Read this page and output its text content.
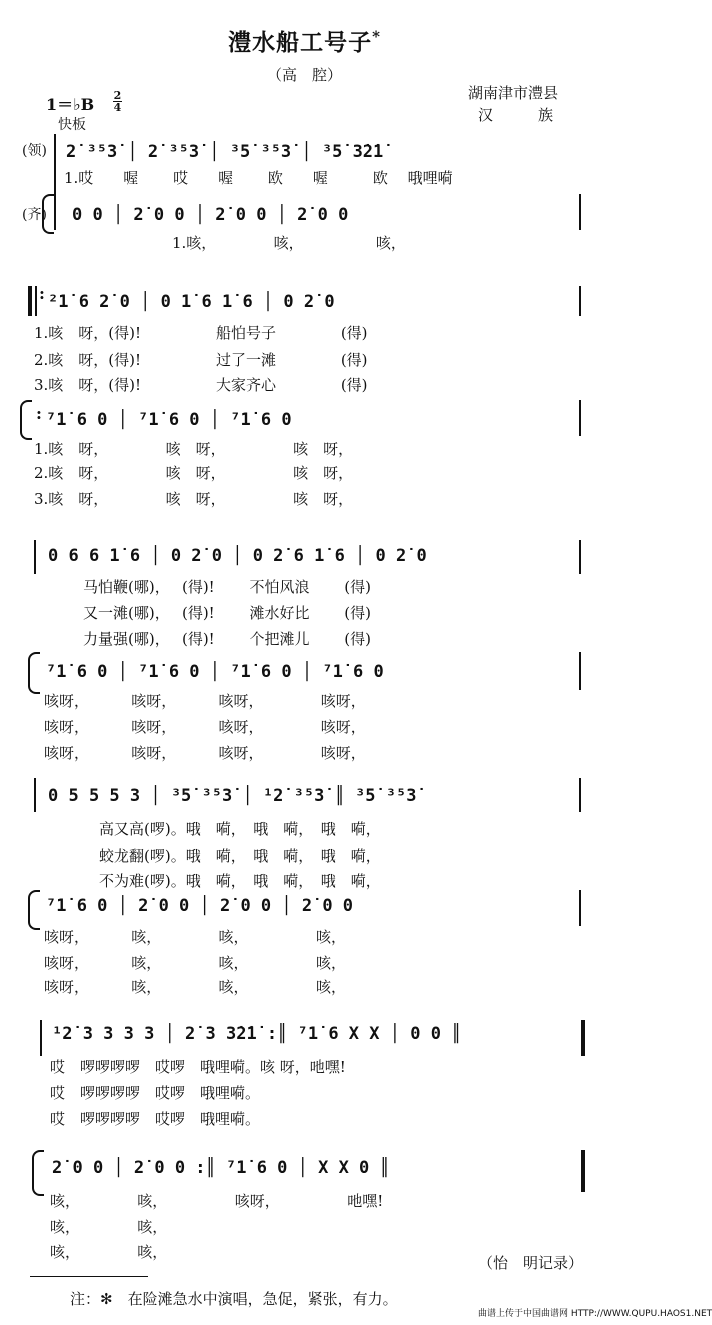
澧水船工号子*
（高　腔）
湖南津市澧县
汉　　　族
1＝♭B 2
4
快板
(领)
(齐)
2̇ ³⁵3̇ │ 2̇ ³⁵3̇ │ ³5̇ ³⁵3̇ │ ³5̇ 3̇2̇1̇
1.哎　　喔　　 哎　　喔　　 欧　　喔　　　欧　 哦哩嗬
0 0 │ 2̇ 0 0 │ 2̇ 0 0 │ 2̇ 0 0
1.咳，　　　　 咳，　　　　　 咳，
: ²1̇ 6 2̇ 0 │ 0 1̇ 6 1̇ 6 │ 0 2̇ 0
1.咳　呀，(得)!　　　　　船怕号子　　　　 (得)
2.咳　呀，(得)!　　　　　过了一滩　　　　 (得)
3.咳　呀，(得)!　　　　　大家齐心　　　　 (得)
: ⁷1̇ 6 0 │ ⁷1̇ 6 0 │ ⁷1̇ 6 0
1.咳　呀，　　　　 咳　呀，　　　　　咳　呀，
2.咳　呀，　　　　 咳　呀，　　　　　咳　呀，
3.咳　呀，　　　　 咳　呀，　　　　　咳　呀，
0 6 6 1̇ 6 │ 0 2̇ 0 │ 0 2̇ 6 1̇ 6 │ 0 2̇ 0
　马怕鞭(哪)，　 (得)!　　 不怕风浪　　 (得)
　又一滩(哪)，　 (得)!　　 滩水好比　　 (得)
　力量强(哪)，　 (得)!　　 个把滩儿　　 (得)
⁷1̇ 6 0 │ ⁷1̇ 6 0 │ ⁷1̇ 6 0 │ ⁷1̇ 6 0
咳呀，　　　 咳呀，　　　 咳呀，　　　　 咳呀，
咳呀，　　　 咳呀，　　　 咳呀，　　　　 咳呀，
咳呀，　　　 咳呀，　　　 咳呀，　　　　 咳呀，
0 5 5 5 3 │ ³5̇ ³⁵3̇ │ ¹2̇ ³⁵3̇ ║ ³5̇ ³⁵3̇
　高又高(啰)。哦　嗬，　哦　嗬，　哦　嗬，
　蛟龙翻(啰)。哦　嗬，　哦　嗬，　哦　嗬，
　不为难(啰)。哦　嗬，　哦　嗬，　哦　嗬，
⁷1̇ 6 0 │ 2̇ 0 0 │ 2̇ 0 0 │ 2̇ 0 0
咳呀，　　　 咳，　　　　 咳，　　　　　咳，
咳呀，　　　 咳，　　　　 咳，　　　　　咳，
咳呀，　　　 咳，　　　　 咳，　　　　　咳，
¹2̇ 3 3 3 3 │ 2̇ 3 3̇2̇1̇ :║ ⁷1̇ 6 X X │ 0 0 ║
哎　啰啰啰啰　哎啰　哦哩嗬。咳 呀，吔嘿!
哎　啰啰啰啰　哎啰　哦哩嗬。
哎　啰啰啰啰　哎啰　哦哩嗬。
2̇ 0 0 │ 2̇ 0 0 :║ ⁷1̇ 6 0 │ X X 0 ║
咳，　　　　 咳，　　　　　咳呀，　　　　　吔嘿!
咳，　　　　 咳，
咳，　　　　 咳，
（怡　明记录）
注：✻　在险滩急水中演唱，急促，紧张，有力。
曲谱上传于中国曲谱网 HTTP://WWW.QUPU.HAOS1.NET
